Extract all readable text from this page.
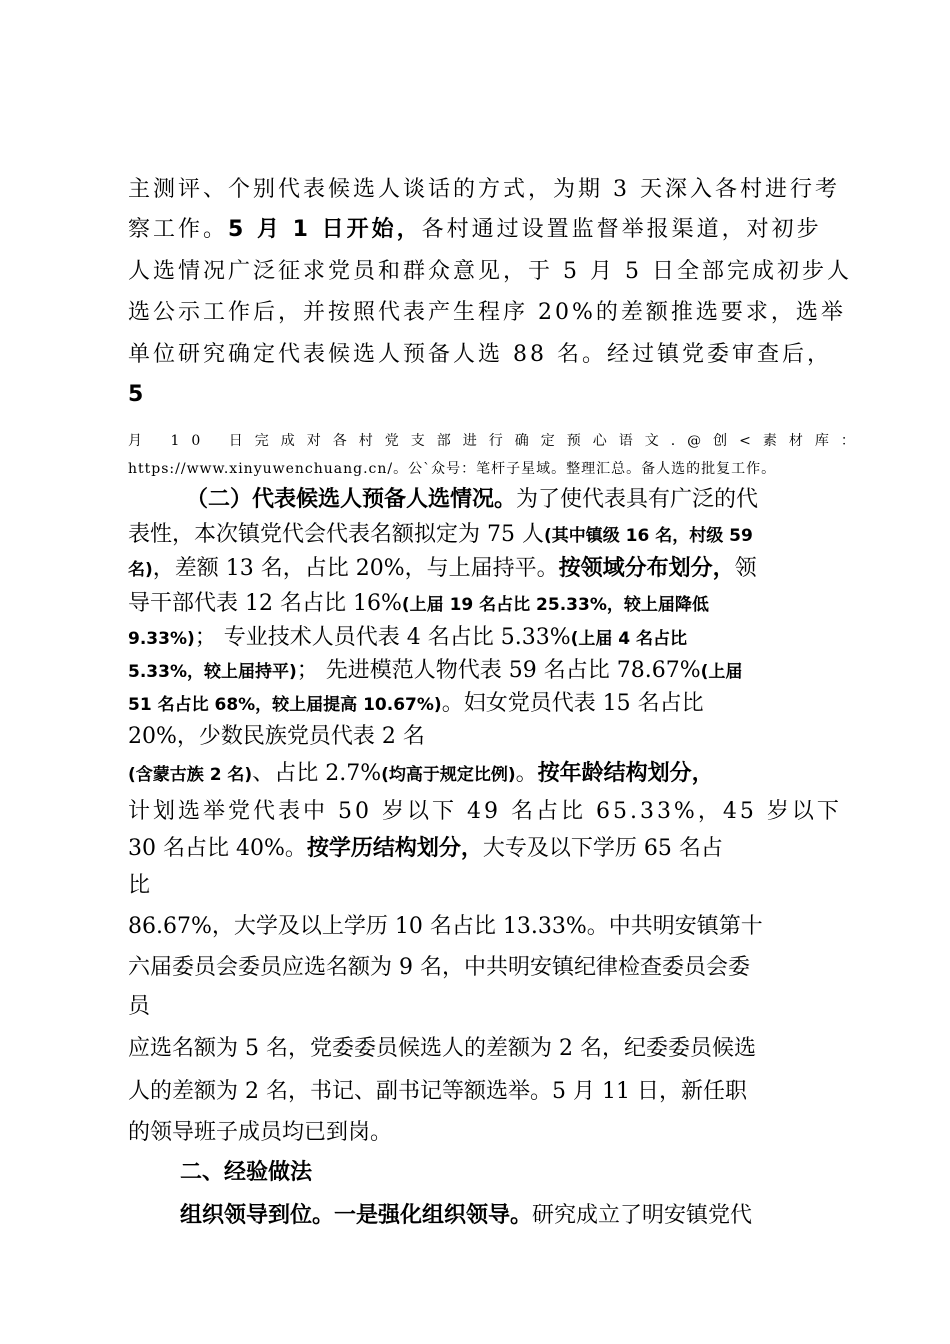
主测评、个别代表候选人谈话的方式，为期 3 天深入各村进行考
察工作。5 月 1 日开始，各村通过设置监督举报渠道，对初步
人选情况广泛征求党员和群众意见，于 5 月 5 日全部完成初步人
选公示工作后，并按照代表产生程序 20%的差额推选要求，选举
单位研究确定代表候选人预备人选 88 名。经过镇党委审查后，
5
月 10 日完成对各村党支部进行确定预心语文.@创<素材库：
https://www.xinyuwenchuang.cn/。公`众号：笔杆子星域。整理汇总。备人选的批复工作。
（二）代表候选人预备人选情况。为了使代表具有广泛的代
表性，本次镇党代会代表名额拟定为 75 人(其中镇级 16 名，村级 59
名)，差额 13 名，占比 20%，与上届持平。按领域分布划分，领
导干部代表 12 名占比 16%(上届 19 名占比 25.33%，较上届降低
9.33%)； 专业技术人员代表 4 名占比 5.33%(上届 4 名占比
5.33%，较上届持平)； 先进模范人物代表 59 名占比 78.67%(上届
51 名占比 68%，较上届提高 10.67%)。妇女党员代表 15 名占比
20%，少数民族党员代表 2 名
(含蒙古族 2 名)、占比 2.7%(均高于规定比例)。按年龄结构划分，
计划选举党代表中 50 岁以下 49 名占比 65.33%，45 岁以下
30 名占比 40%。按学历结构划分，大专及以下学历 65 名占
比
86.67%，大学及以上学历 10 名占比 13.33%。中共明安镇第十
六届委员会委员应选名额为 9 名，中共明安镇纪律检查委员会委
员
应选名额为 5 名，党委委员候选人的差额为 2 名，纪委委员候选
人的差额为 2 名，书记、副书记等额选举。5 月 11 日，新任职
的领导班子成员均已到岗。
二、经验做法
组织领导到位。一是强化组织领导。研究成立了明安镇党代
